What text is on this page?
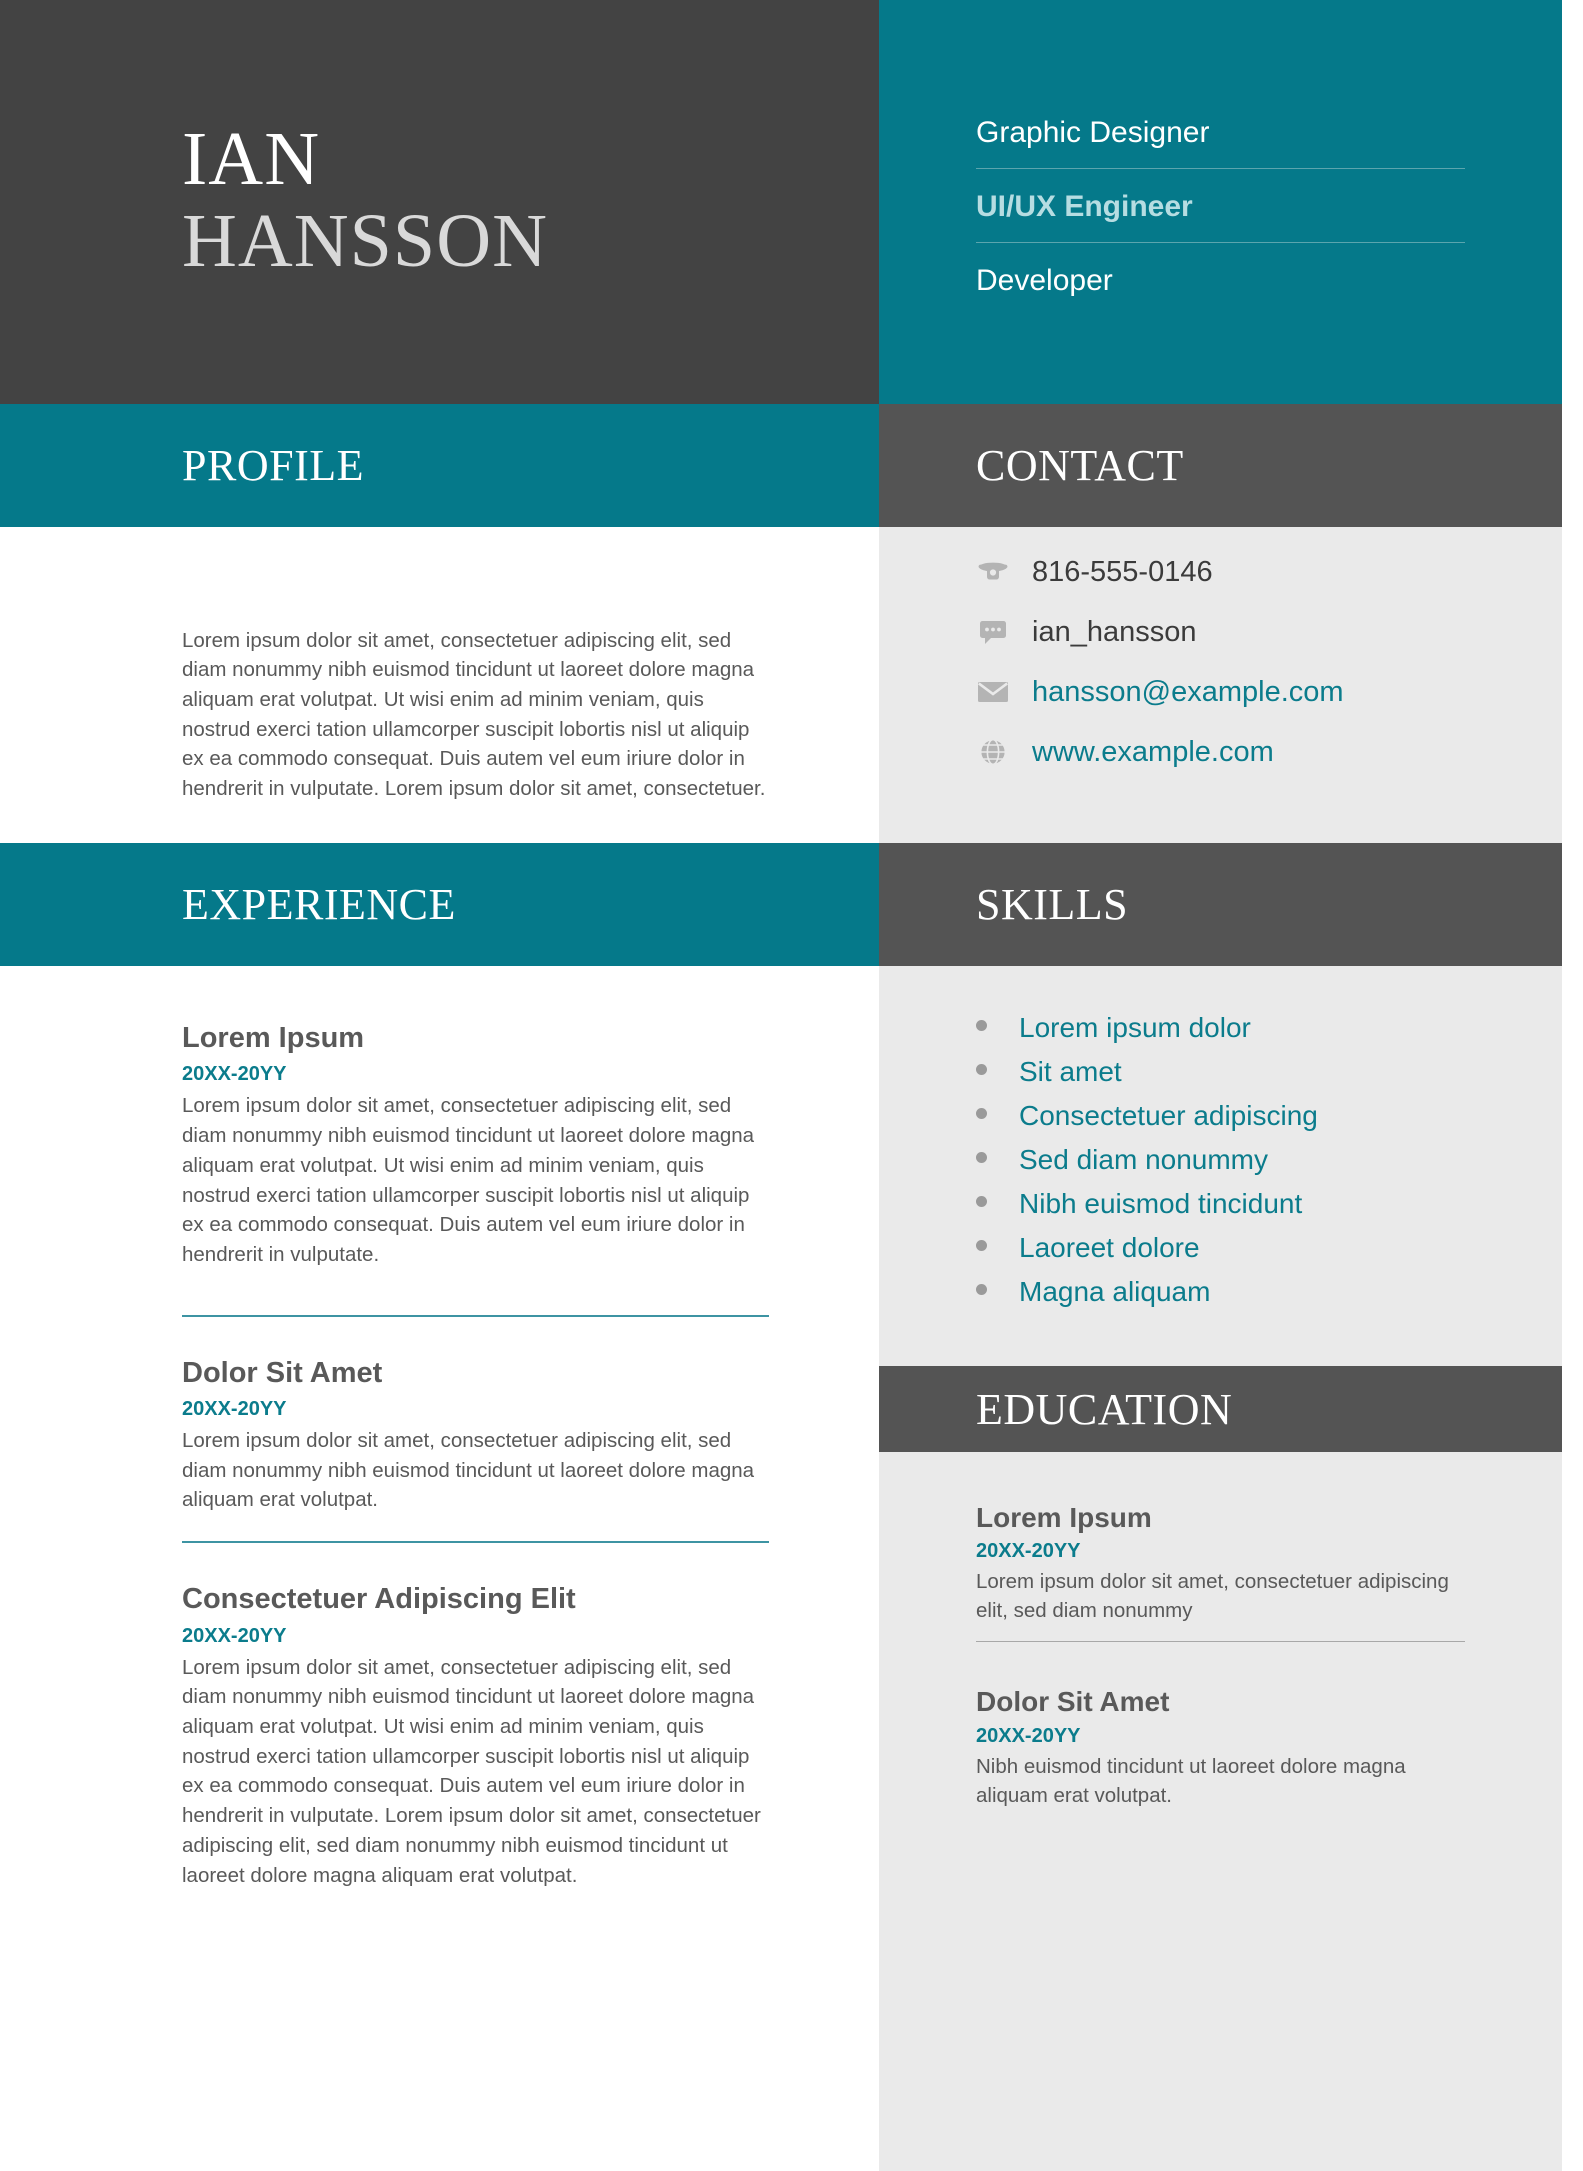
IAN
HANSSON
Graphic Designer
UI/UX Engineer
Developer
PROFILE	CONTACT

Lorem ipsum dolor sit amet, consectetuer adipiscing elit, sed diam nonummy nibh euismod tincidunt ut laoreet dolore magna aliquam erat volutpat. Ut wisi enim ad minim veniam, quis nostrud exerci tation ullamcorper suscipit lobortis nisl ut aliquip ex ea commodo consequat. Duis autem vel eum iriure dolor in hendrerit in vulputate. Lorem ipsum dolor sit amet, consectetuer.

816-555-0146
ian_hansson
hansson@example.com
www.example.com
EXPERIENCE	SKILLS
Lorem Ipsum
20XX-20YY

Lorem ipsum dolor sit amet, consectetuer adipiscing elit, sed diam nonummy nibh euismod tincidunt ut laoreet dolore magna aliquam erat volutpat. Ut wisi enim ad minim veniam, quis nostrud exerci tation ullamcorper suscipit lobortis nisl ut aliquip ex ea commodo consequat. Duis autem vel eum iriure dolor in hendrerit in vulputate.

Dolor Sit Amet
20XX-20YY

Lorem ipsum dolor sit amet, consectetuer adipiscing elit, sed diam nonummy nibh euismod tincidunt ut laoreet dolore magna aliquam erat volutpat.

Consectetuer Adipiscing Elit
20XX-20YY

Lorem ipsum dolor sit amet, consectetuer adipiscing elit, sed diam nonummy nibh euismod tincidunt ut laoreet dolore magna aliquam erat volutpat. Ut wisi enim ad minim veniam, quis nostrud exerci tation ullamcorper suscipit lobortis nisl ut aliquip ex ea commodo consequat. Duis autem vel eum iriure dolor in hendrerit in vulputate. Lorem ipsum dolor sit amet, consectetuer adipiscing elit, sed diam nonummy nibh euismod tincidunt ut laoreet dolore magna aliquam erat volutpat.

Lorem ipsum dolor
Sit amet
Consectetuer adipiscing
Sed diam nonummy
Nibh euismod tincidunt
Laoreet dolore
Magna aliquam
EDUCATION
Lorem Ipsum
20XX-20YY

Lorem ipsum dolor sit amet, consectetuer adipiscing elit, sed diam nonummy

Dolor Sit Amet
20XX-20YY

Nibh euismod tincidunt ut laoreet dolore magna aliquam erat volutpat.
